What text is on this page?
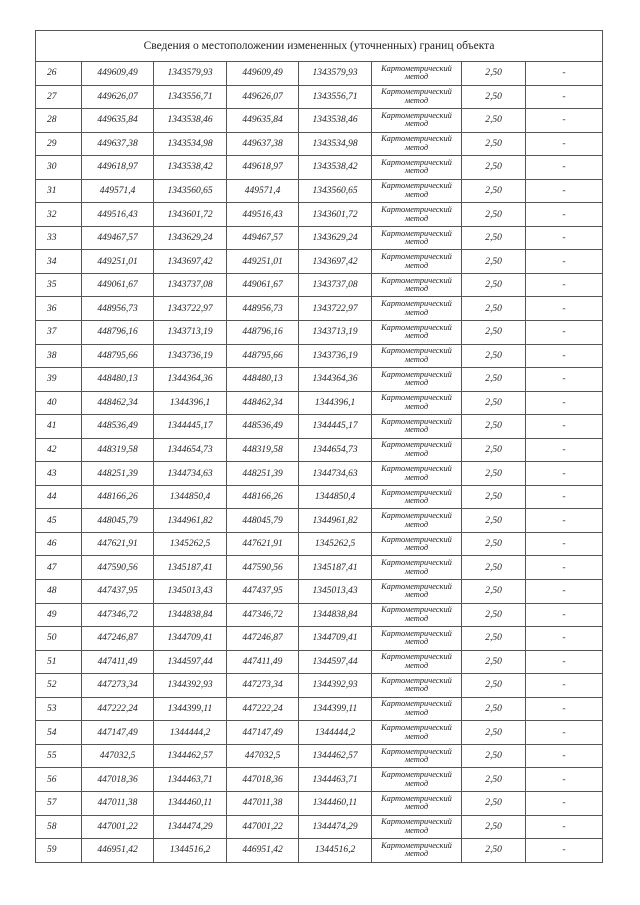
Сведения о местоположении измененных (уточненных) границ объекта							
26	449609,49	1343579,93	449609,49	1343579,93	Картометрический метод	2,50	-
27	449626,07	1343556,71	449626,07	1343556,71	Картометрический метод	2,50	-
28	449635,84	1343538,46	449635,84	1343538,46	Картометрический метод	2,50	-
29	449637,38	1343534,98	449637,38	1343534,98	Картометрический метод	2,50	-
30	449618,97	1343538,42	449618,97	1343538,42	Картометрический метод	2,50	-
31	449571,4	1343560,65	449571,4	1343560,65	Картометрический метод	2,50	-
32	449516,43	1343601,72	449516,43	1343601,72	Картометрический метод	2,50	-
33	449467,57	1343629,24	449467,57	1343629,24	Картометрический метод	2,50	-
34	449251,01	1343697,42	449251,01	1343697,42	Картометрический метод	2,50	-
35	449061,67	1343737,08	449061,67	1343737,08	Картометрический метод	2,50	-
36	448956,73	1343722,97	448956,73	1343722,97	Картометрический метод	2,50	-
37	448796,16	1343713,19	448796,16	1343713,19	Картометрический метод	2,50	-
38	448795,66	1343736,19	448795,66	1343736,19	Картометрический метод	2,50	-
39	448480,13	1344364,36	448480,13	1344364,36	Картометрический метод	2,50	-
40	448462,34	1344396,1	448462,34	1344396,1	Картометрический метод	2,50	-
41	448536,49	1344445,17	448536,49	1344445,17	Картометрический метод	2,50	-
42	448319,58	1344654,73	448319,58	1344654,73	Картометрический метод	2,50	-
43	448251,39	1344734,63	448251,39	1344734,63	Картометрический метод	2,50	-
44	448166,26	1344850,4	448166,26	1344850,4	Картометрический метод	2,50	-
45	448045,79	1344961,82	448045,79	1344961,82	Картометрический метод	2,50	-
46	447621,91	1345262,5	447621,91	1345262,5	Картометрический метод	2,50	-
47	447590,56	1345187,41	447590,56	1345187,41	Картометрический метод	2,50	-
48	447437,95	1345013,43	447437,95	1345013,43	Картометрический метод	2,50	-
49	447346,72	1344838,84	447346,72	1344838,84	Картометрический метод	2,50	-
50	447246,87	1344709,41	447246,87	1344709,41	Картометрический метод	2,50	-
51	447411,49	1344597,44	447411,49	1344597,44	Картометрический метод	2,50	-
52	447273,34	1344392,93	447273,34	1344392,93	Картометрический метод	2,50	-
53	447222,24	1344399,11	447222,24	1344399,11	Картометрический метод	2,50	-
54	447147,49	1344444,2	447147,49	1344444,2	Картометрический метод	2,50	-
55	447032,5	1344462,57	447032,5	1344462,57	Картометрический метод	2,50	-
56	447018,36	1344463,71	447018,36	1344463,71	Картометрический метод	2,50	-
57	447011,38	1344460,11	447011,38	1344460,11	Картометрический метод	2,50	-
58	447001,22	1344474,29	447001,22	1344474,29	Картометрический метод	2,50	-
59	446951,42	1344516,2	446951,42	1344516,2	Картометрический метод	2,50	-
